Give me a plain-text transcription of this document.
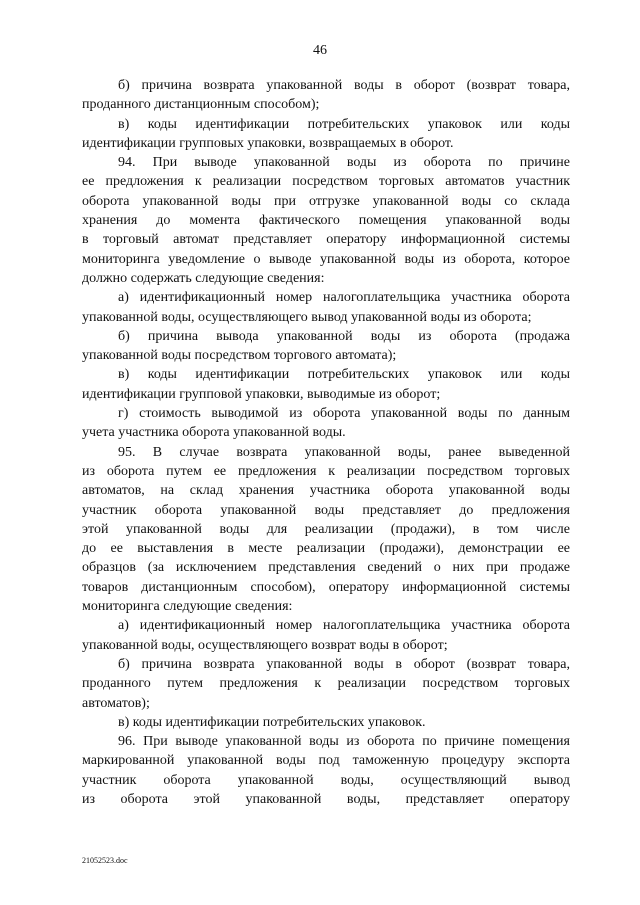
46
б) причина возврата упакованной воды в оборот (возврат товара,
проданного дистанционным способом);
в) коды идентификации потребительских упаковок или коды
идентификации групповых упаковки, возвращаемых в оборот.
94. При выводе упакованной воды из оборота по причине
ее предложения к реализации посредством торговых автоматов участник
оборота упакованной воды при отгрузке упакованной воды со склада
хранения до момента фактического помещения упакованной воды
в торговый автомат представляет оператору информационной системы
мониторинга уведомление о выводе упакованной воды из оборота, которое
должно содержать следующие сведения:
а) идентификационный номер налогоплательщика участника оборота
упакованной воды, осуществляющего вывод упакованной воды из оборота;
б) причина вывода упакованной воды из оборота (продажа
упакованной воды посредством торгового автомата);
в) коды идентификации потребительских упаковок или коды
идентификации групповой упаковки, выводимые из оборот;
г) стоимость выводимой из оборота упакованной воды по данным
учета участника оборота упакованной воды.
95. В случае возврата упакованной воды, ранее выведенной
из оборота путем ее предложения к реализации посредством торговых
автоматов, на склад хранения участника оборота упакованной воды
участник оборота упакованной воды представляет до предложения
этой упакованной воды для реализации (продажи), в том числе
до ее выставления в месте реализации (продажи), демонстрации ее
образцов (за исключением представления сведений о них при продаже
товаров дистанционным способом), оператору информационной системы
мониторинга следующие сведения:
а) идентификационный номер налогоплательщика участника оборота
упакованной воды, осуществляющего возврат воды в оборот;
б) причина возврата упакованной воды в оборот (возврат товара,
проданного путем предложения к реализации посредством торговых
автоматов);
в) коды идентификации потребительских упаковок.
96. При выводе упакованной воды из оборота по причине помещения
маркированной упакованной воды под таможенную процедуру экспорта
участник оборота упакованной воды, осуществляющий вывод
из оборота этой упакованной воды, представляет оператору
21052523.doc
